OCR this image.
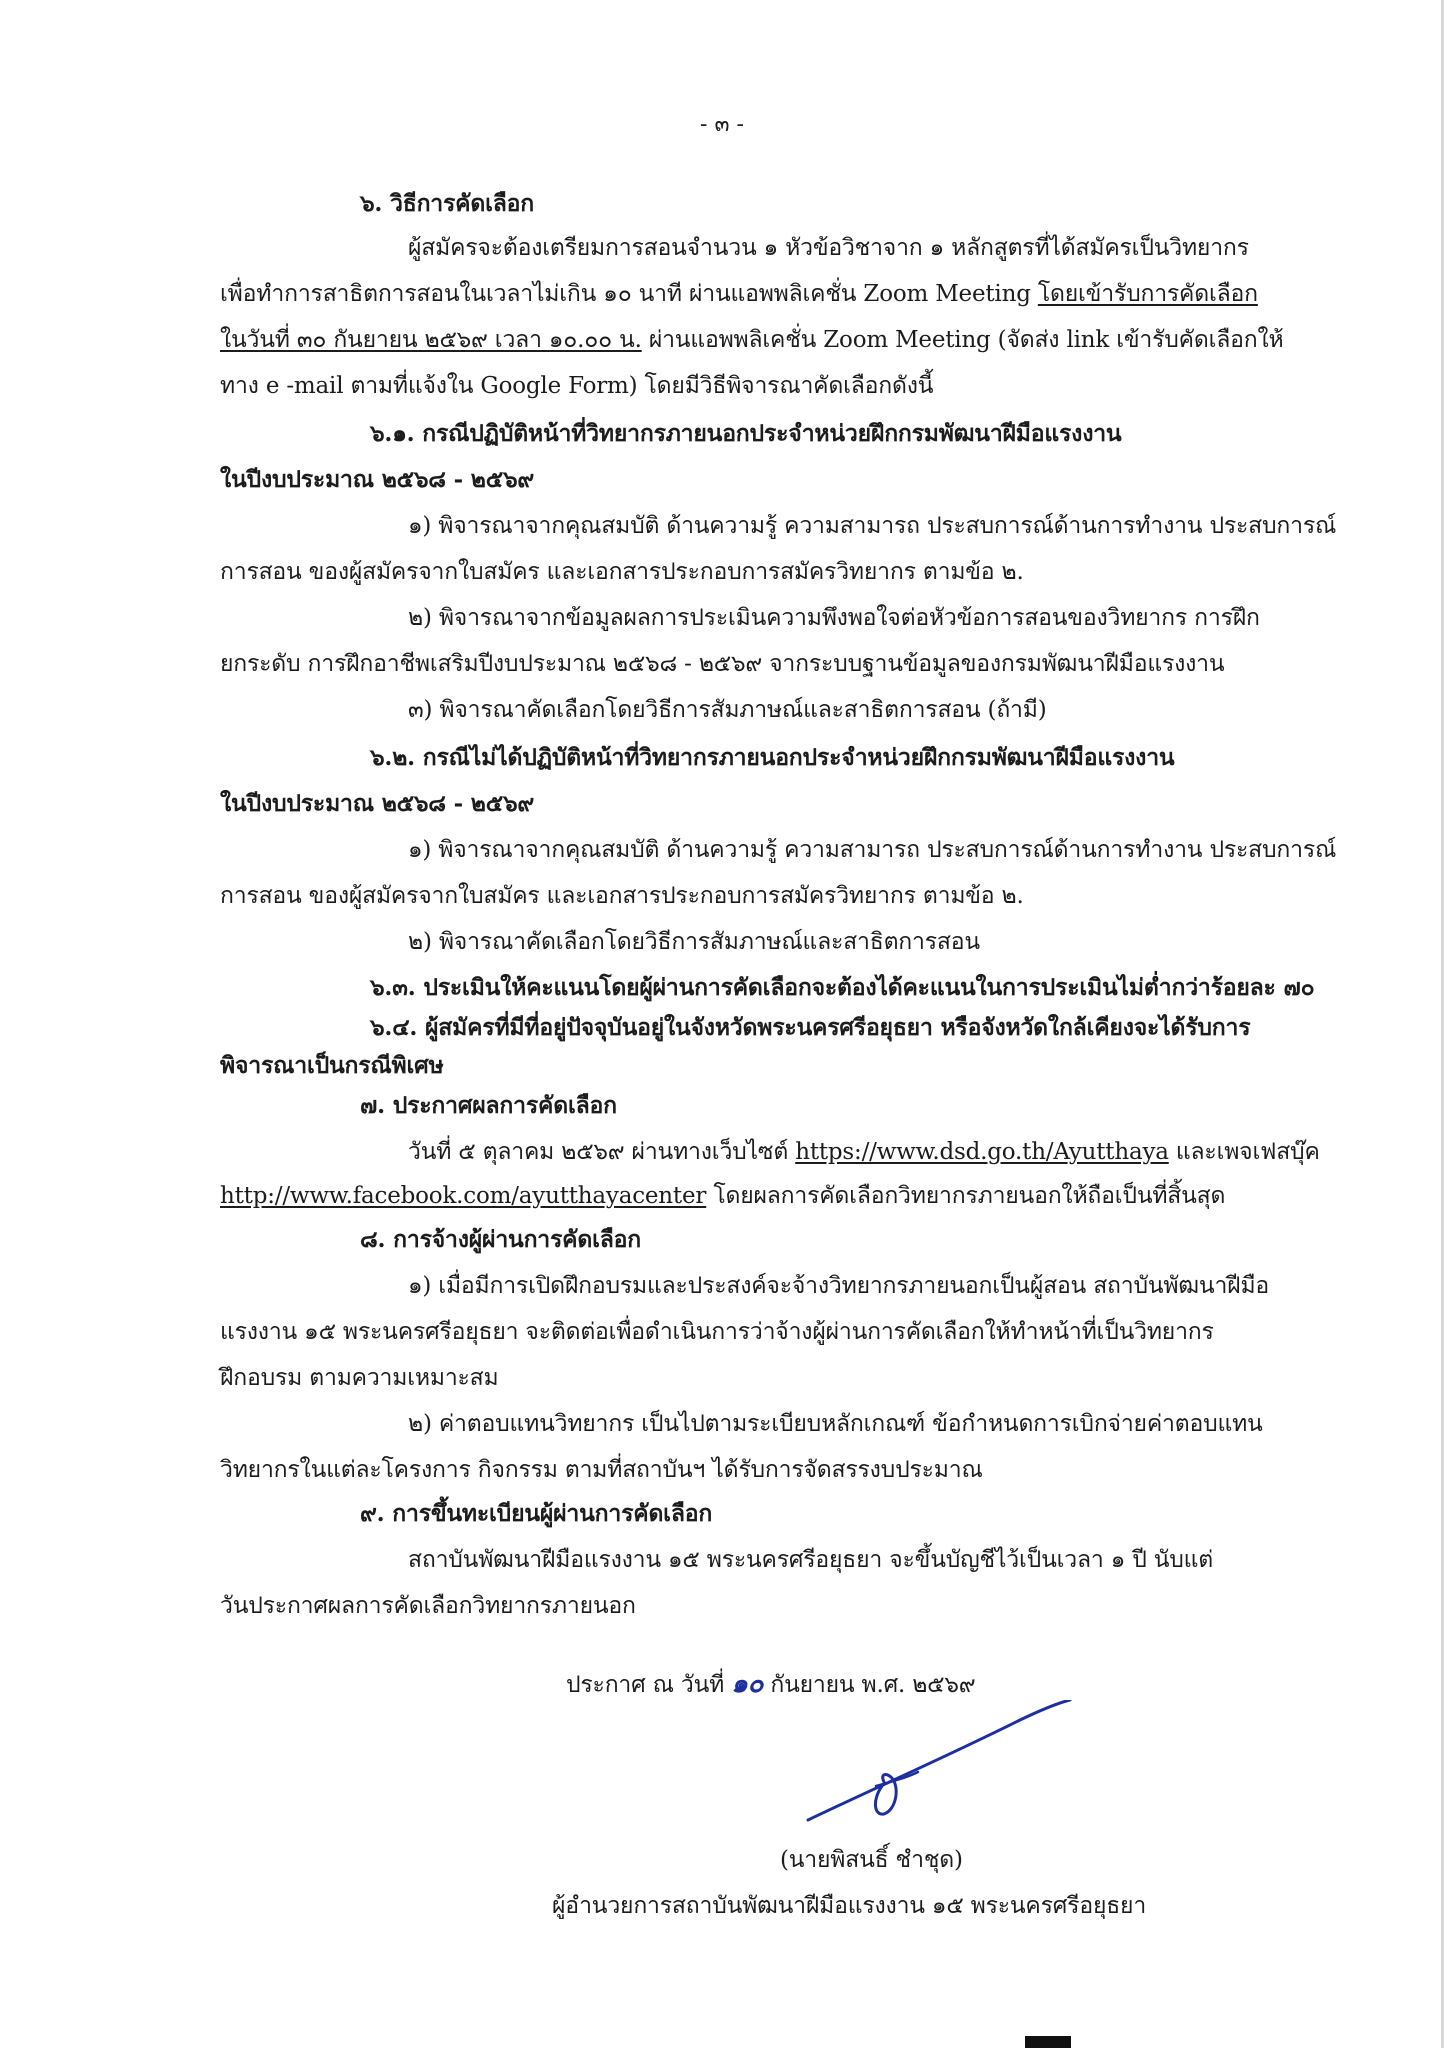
- ๓ -
๖. วิธีการคัดเลือก
ผู้สมัครจะต้องเตรียมการสอนจำนวน ๑ หัวข้อวิชาจาก ๑ หลักสูตรที่ได้สมัครเป็นวิทยากร
เพื่อทำการสาธิตการสอนในเวลาไม่เกิน ๑๐ นาที ผ่านแอพพลิเคชั่น Zoom Meeting โดยเข้ารับการคัดเลือก
ในวันที่ ๓๐ กันยายน ๒๕๖๙ เวลา ๑๐.๐๐ น. ผ่านแอพพลิเคชั่น Zoom Meeting (จัดส่ง link เข้ารับคัดเลือกให้
ทาง e -mail ตามที่แจ้งใน Google Form) โดยมีวิธีพิจารณาคัดเลือกดังนี้
๖.๑. กรณีปฏิบัติหน้าที่วิทยากรภายนอกประจำหน่วยฝึกกรมพัฒนาฝีมือแรงงาน
ในปีงบประมาณ ๒๕๖๘ - ๒๕๖๙
๑) พิจารณาจากคุณสมบัติ ด้านความรู้ ความสามารถ ประสบการณ์ด้านการทำงาน ประสบการณ์
การสอน ของผู้สมัครจากใบสมัคร และเอกสารประกอบการสมัครวิทยากร ตามข้อ ๒.
๒) พิจารณาจากข้อมูลผลการประเมินความพึงพอใจต่อหัวข้อการสอนของวิทยากร การฝึก
ยกระดับ การฝึกอาชีพเสริมปีงบประมาณ ๒๕๖๘ - ๒๕๖๙ จากระบบฐานข้อมูลของกรมพัฒนาฝีมือแรงงาน
๓) พิจารณาคัดเลือกโดยวิธีการสัมภาษณ์และสาธิตการสอน (ถ้ามี)
๖.๒. กรณีไม่ได้ปฏิบัติหน้าที่วิทยากรภายนอกประจำหน่วยฝึกกรมพัฒนาฝีมือแรงงาน
ในปีงบประมาณ ๒๕๖๘ - ๒๕๖๙
๑) พิจารณาจากคุณสมบัติ ด้านความรู้ ความสามารถ ประสบการณ์ด้านการทำงาน ประสบการณ์
การสอน ของผู้สมัครจากใบสมัคร และเอกสารประกอบการสมัครวิทยากร ตามข้อ ๒.
๒) พิจารณาคัดเลือกโดยวิธีการสัมภาษณ์และสาธิตการสอน
๖.๓. ประเมินให้คะแนนโดยผู้ผ่านการคัดเลือกจะต้องได้คะแนนในการประเมินไม่ต่ำกว่าร้อยละ ๗๐
๖.๔. ผู้สมัครที่มีที่อยู่ปัจจุบันอยู่ในจังหวัดพระนครศรีอยุธยา หรือจังหวัดใกล้เคียงจะได้รับการ
พิจารณาเป็นกรณีพิเศษ
๗. ประกาศผลการคัดเลือก
วันที่ ๕ ตุลาคม ๒๕๖๙ ผ่านทางเว็บไซต์ https://www.dsd.go.th/Ayutthaya และเพจเฟสบุ๊ค
http://www.facebook.com/ayutthayacenter โดยผลการคัดเลือกวิทยากรภายนอกให้ถือเป็นที่สิ้นสุด
๘. การจ้างผู้ผ่านการคัดเลือก
๑) เมื่อมีการเปิดฝึกอบรมและประสงค์จะจ้างวิทยากรภายนอกเป็นผู้สอน สถาบันพัฒนาฝีมือ
แรงงาน ๑๕ พระนครศรีอยุธยา จะติดต่อเพื่อดำเนินการว่าจ้างผู้ผ่านการคัดเลือกให้ทำหน้าที่เป็นวิทยากร
ฝึกอบรม ตามความเหมาะสม
๒) ค่าตอบแทนวิทยากร เป็นไปตามระเบียบหลักเกณฑ์ ข้อกำหนดการเบิกจ่ายค่าตอบแทน
วิทยากรในแต่ละโครงการ กิจกรรม ตามที่สถาบันฯ ได้รับการจัดสรรงบประมาณ
๙. การขึ้นทะเบียนผู้ผ่านการคัดเลือก
สถาบันพัฒนาฝีมือแรงงาน ๑๕ พระนครศรีอยุธยา จะขึ้นบัญชีไว้เป็นเวลา ๑ ปี นับแต่
วันประกาศผลการคัดเลือกวิทยากรภายนอก
ประกาศ ณ วันที่ ๑๐ กันยายน พ.ศ. ๒๕๖๙
(นายพิสนธิ์ ชำชุด)
ผู้อำนวยการสถาบันพัฒนาฝีมือแรงงาน ๑๕ พระนครศรีอยุธยา
